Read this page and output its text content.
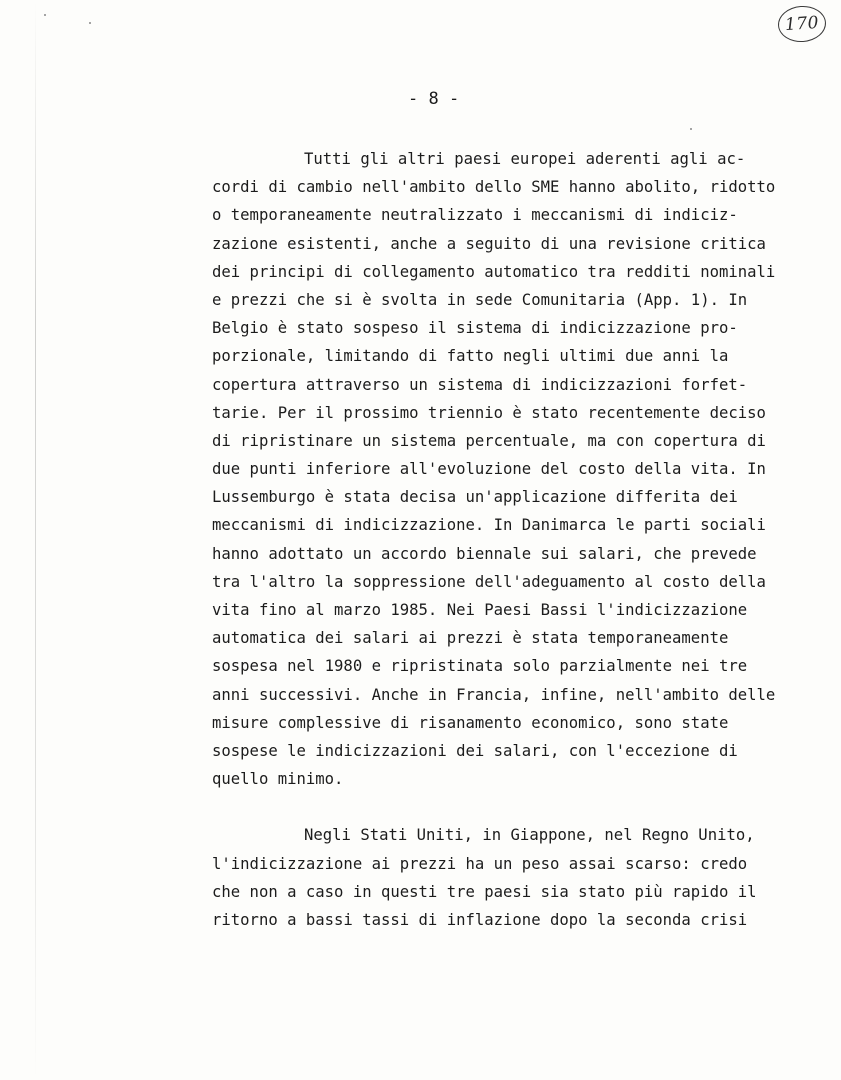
170
- 8 -
Tutti gli altri paesi europei aderenti agli ac-
cordi di cambio nell'ambito dello SME hanno abolito, ridotto
o temporaneamente neutralizzato i meccanismi di indiciz-
zazione esistenti, anche a seguito di una revisione critica
dei principi di collegamento automatico tra redditi nominali
e prezzi che si è svolta in sede Comunitaria (App. 1). In
Belgio è stato sospeso il sistema di indicizzazione pro-
porzionale, limitando di fatto negli ultimi due anni la
copertura attraverso un sistema di indicizzazioni forfet-
tarie. Per il prossimo triennio è stato recentemente deciso
di ripristinare un sistema percentuale, ma con copertura di
due punti inferiore all'evoluzione del costo della vita. In
Lussemburgo è stata decisa un'applicazione differita dei
meccanismi di indicizzazione. In Danimarca le parti sociali
hanno adottato un accordo biennale sui salari, che prevede
tra l'altro la soppressione dell'adeguamento al costo della
vita fino al marzo 1985. Nei Paesi Bassi l'indicizzazione
automatica dei salari ai prezzi è stata temporaneamente
sospesa nel 1980 e ripristinata solo parzialmente nei tre
anni successivi. Anche in Francia, infine, nell'ambito delle
misure complessive di risanamento economico, sono state
sospese le indicizzazioni dei salari, con l'eccezione di
quello minimo.
Negli Stati Uniti, in Giappone, nel Regno Unito,
l'indicizzazione ai prezzi ha un peso assai scarso: credo
che non a caso in questi tre paesi sia stato più rapido il
ritorno a bassi tassi di inflazione dopo la seconda crisi
